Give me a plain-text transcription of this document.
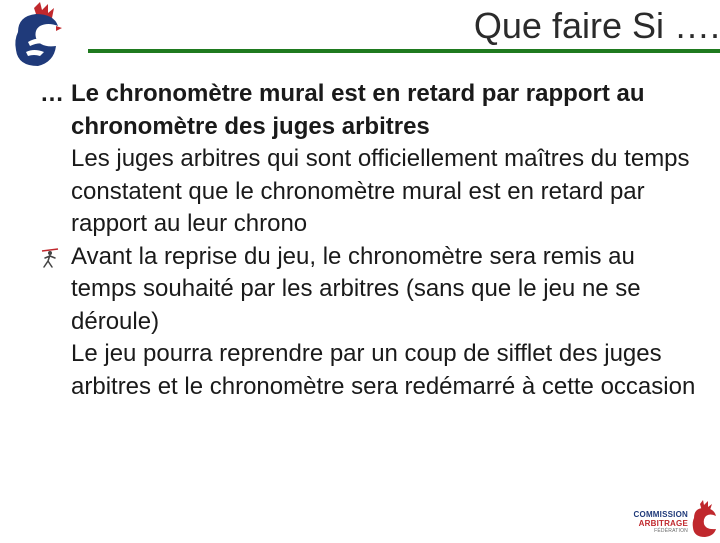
Que faire Si ….
… Le chronomètre mural est en retard par rapport au chronomètre des juges arbitres
Les juges arbitres qui sont officiellement maîtres du temps constatent que le chronomètre mural est en retard par rapport au leur chrono
Avant la reprise du jeu, le chronomètre sera remis au temps souhaité par les arbitres (sans que le jeu ne se déroule)
Le jeu pourra reprendre par un coup de sifflet des juges arbitres et le chronomètre sera redémarré à cette occasion
COMMISSION
ARBITRAGE
FÉDÉRATION
